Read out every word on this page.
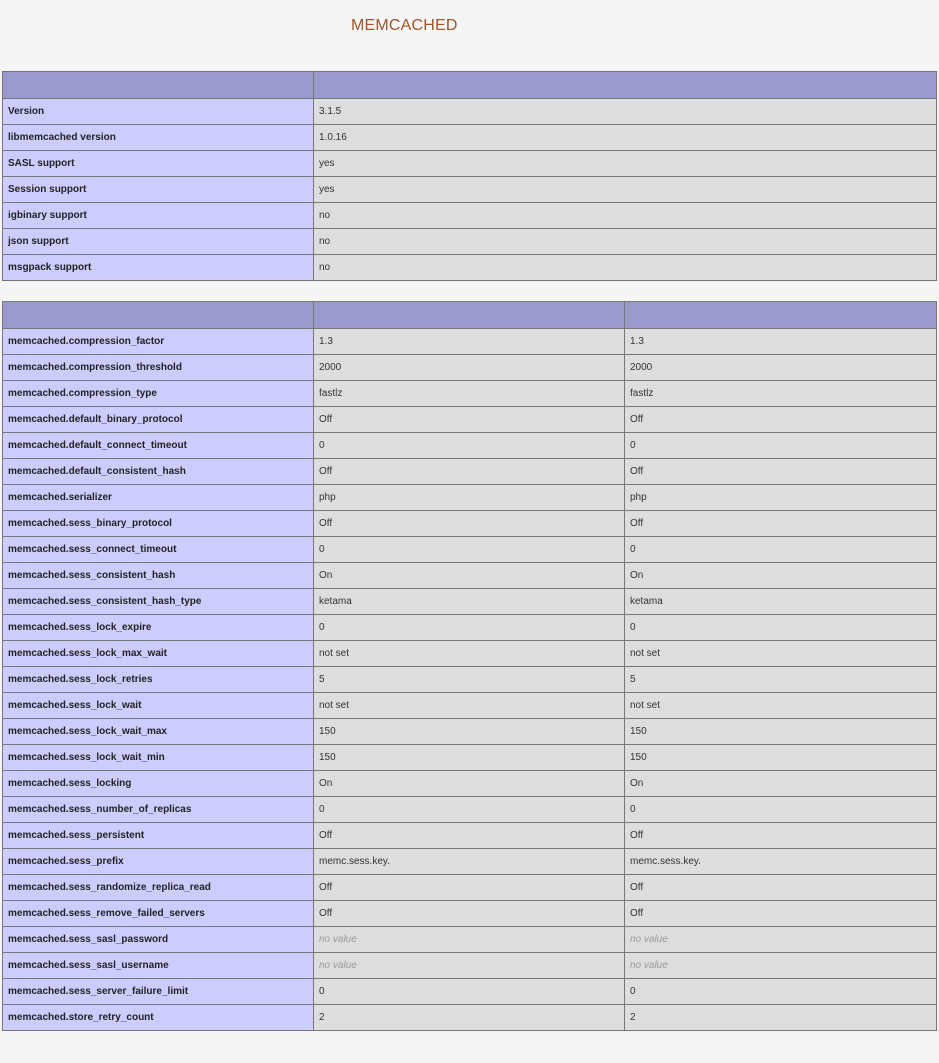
MEMCACHED

Version	3.1.5
libmemcached version	1.0.16
SASL support	yes
Session support	yes
igbinary support	no
json support	no
msgpack support	no

memcached.compression_factor	1.3	1.3
memcached.compression_threshold	2000	2000
memcached.compression_type	fastlz	fastlz
memcached.default_binary_protocol	Off	Off
memcached.default_connect_timeout	0	0
memcached.default_consistent_hash	Off	Off
memcached.serializer	php	php
memcached.sess_binary_protocol	Off	Off
memcached.sess_connect_timeout	0	0
memcached.sess_consistent_hash	On	On
memcached.sess_consistent_hash_type	ketama	ketama
memcached.sess_lock_expire	0	0
memcached.sess_lock_max_wait	not set	not set
memcached.sess_lock_retries	5	5
memcached.sess_lock_wait	not set	not set
memcached.sess_lock_wait_max	150	150
memcached.sess_lock_wait_min	150	150
memcached.sess_locking	On	On
memcached.sess_number_of_replicas	0	0
memcached.sess_persistent	Off	Off
memcached.sess_prefix	memc.sess.key.	memc.sess.key.
memcached.sess_randomize_replica_read	Off	Off
memcached.sess_remove_failed_servers	Off	Off
memcached.sess_sasl_password	no value	no value
memcached.sess_sasl_username	no value	no value
memcached.sess_server_failure_limit	0	0
memcached.store_retry_count	2	2
